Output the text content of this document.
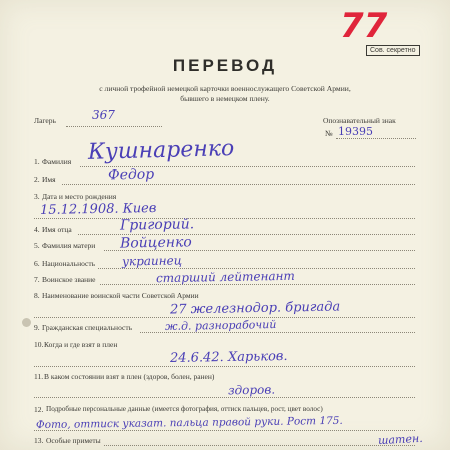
77
Сов. секретно
ПЕРЕВОД
с личной трофейной немецкой карточки военнослужащего Советской Армии,
бывшего в немецком плену.
Лагерь	367	Опознавательный знак
№ 19395
1. Фамилия Кушнаренко
2. Имя	Федор
3. Дата и место рождения
15.12.1908. Киев
4. Имя отца	Григорий.
5. Фамилия матери Войценко
6. Национальность украинец
7. Воинское звание	старший лейтенант
8. Наименование воинской части Советской Армии
27 железнодор. бригада
9. Гражданская специальность	ж.д. разнорабочий
10. Когда и где взят в плен
24.6.42. Харьков.
11. В каком состоянии взят в плен (здоров, болен, ранен)
здоров.
12. Подробные персональные данные (имеется фотография, оттиск пальцев, рост, цвет волос)
Фото, оттиск указат. пальца правой руки. Рост 175.
13. Особые приметы	шатен.
